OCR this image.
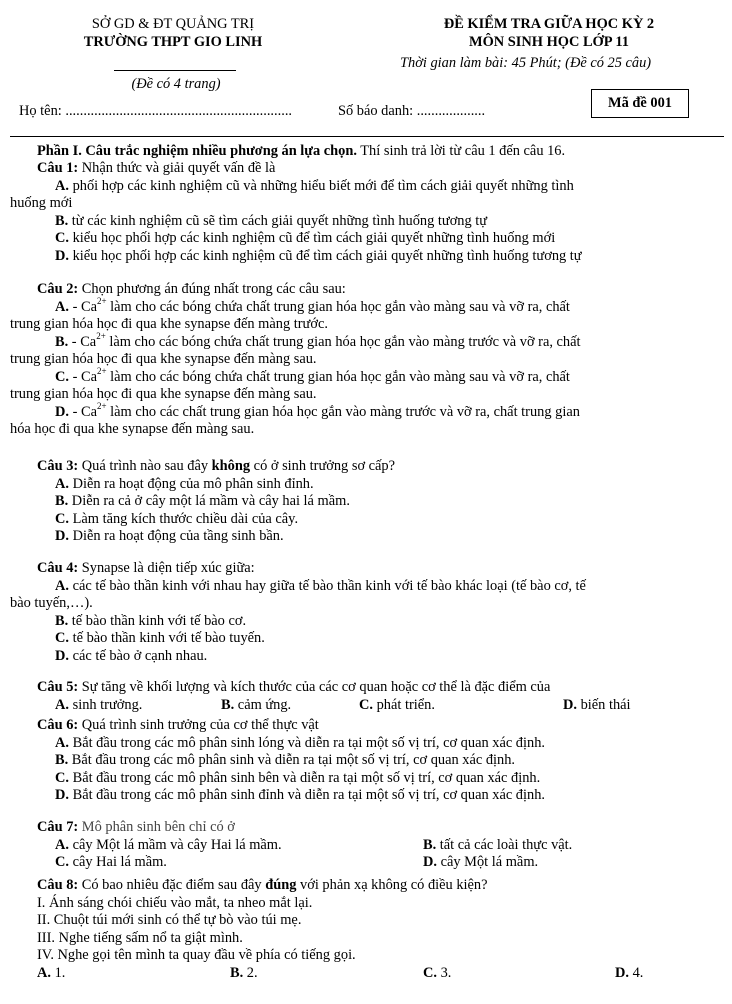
SỞ GD & ĐT QUẢNG TRỊ
TRƯỜNG THPT GIO LINH
(Đề có 4 trang)
ĐỀ KIỂM TRA GIỮA HỌC KỲ 2
MÔN SINH HỌC LỚP 11
Thời gian làm bài: 45 Phút; (Đề có 25 câu)
Họ tên: ...............................................................	Số báo danh: ...................	Mã đề 001
Phần I. Câu trắc nghiệm nhiều phương án lựa chọn. Thí sinh trả lời từ câu 1 đến câu 16.
Câu 1: Nhận thức và giải quyết vấn đề là
A. phối hợp các kinh nghiệm cũ và những hiểu biết mới để tìm cách giải quyết những tình
huống mới
B. từ các kinh nghiệm cũ sẽ tìm cách giải quyết những tình huống tương tự
C. kiểu học phối hợp các kinh nghiệm cũ để tìm cách giải quyết những tình huống mới
D. kiểu học phối hợp các kinh nghiệm cũ để tìm cách giải quyết những tình huống tương tự
Câu 2: Chọn phương án đúng nhất trong các câu sau:
A. - $Ca^{2+}$ làm cho các bóng chứa chất trung gian hóa học gắn vào màng sau và vỡ ra, chất
trung gian hóa học đi qua khe synapse đến màng trước.
B. - $Ca^{2+}$ làm cho các bóng chứa chất trung gian hóa học gắn vào màng trước và vỡ ra, chất
trung gian hóa học đi qua khe synapse đến màng sau.
C. - $Ca^{2+}$ làm cho các bóng chứa chất trung gian hóa học gắn vào màng sau và vỡ ra, chất
trung gian hóa học đi qua khe synapse đến màng sau.
D. - $Ca^{2+}$ làm cho các chất trung gian hóa học gắn vào màng trước và vỡ ra, chất trung gian
hóa học đi qua khe synapse đến màng sau.
Câu 3: Quá trình nào sau đây không có ở sinh trưởng sơ cấp?
A. Diễn ra hoạt động của mô phân sinh đỉnh.
B. Diễn ra cả ở cây một lá mầm và cây hai lá mầm.
C. Làm tăng kích thước chiều dài của cây.
D. Diễn ra hoạt động của tầng sinh bần.
Câu 4: Synapse là diện tiếp xúc giữa:
A. các tế bào thần kinh với nhau hay giữa tế bào thần kinh với tế bào khác loại (tế bào cơ, tế
bào tuyến,…).
B. tế bào thần kinh với tế bào cơ.
C. tế bào thần kinh với tế bào tuyến.
D. các tế bào ở cạnh nhau.
Câu 5: Sự tăng về khối lượng và kích thước của các cơ quan hoặc cơ thể là đặc điểm của
A. sinh trưởng.	B. cảm ứng.	C. phát triển.	D. biến thái
Câu 6: Quá trình sinh trưởng của cơ thể thực vật
A. Bắt đầu trong các mô phân sinh lóng và diễn ra tại một số vị trí, cơ quan xác định.
B. Bắt đầu trong các mô phân sinh và diễn ra tại một số vị trí, cơ quan xác định.
C. Bắt đầu trong các mô phân sinh bên và diễn ra tại một số vị trí, cơ quan xác định.
D. Bắt đầu trong các mô phân sinh đỉnh và diễn ra tại một số vị trí, cơ quan xác định.
Câu 7: Mô phân sinh bên chỉ có ở
A. cây Một lá mầm và cây Hai lá mầm.	B. tất cả các loài thực vật.
C. cây Hai lá mầm.	D. cây Một lá mầm.
Câu 8: Có bao nhiêu đặc điểm sau đây đúng với phản xạ không có điều kiện?
I. Ánh sáng chói chiếu vào mắt, ta nheo mắt lại.
II. Chuột túi mới sinh có thể tự bò vào túi mẹ.
III. Nghe tiếng sấm nổ ta giật mình.
IV. Nghe gọi tên mình ta quay đầu về phía có tiếng gọi.
A. 1.	B. 2.	C. 3.	D. 4.
